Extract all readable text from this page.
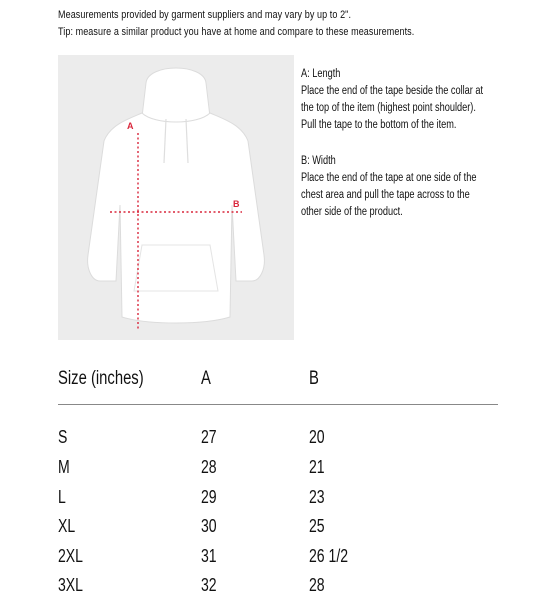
Measurements provided by garment suppliers and may vary by up to 2".
Tip: measure a similar product you have at home and compare to these measurements.
A
B
A: Length
Place the end of the tape beside the collar at
the top of the item (highest point shoulder).
Pull the tape to the bottom of the item.
B: Width
Place the end of the tape at one side of the
chest area and pull the tape across to the
other side of the product.
Size (inches)	A	B
S	27	20
M	28	21
L	29	23
XL	30	25
2XL	31	26 1/2
3XL	32	28
